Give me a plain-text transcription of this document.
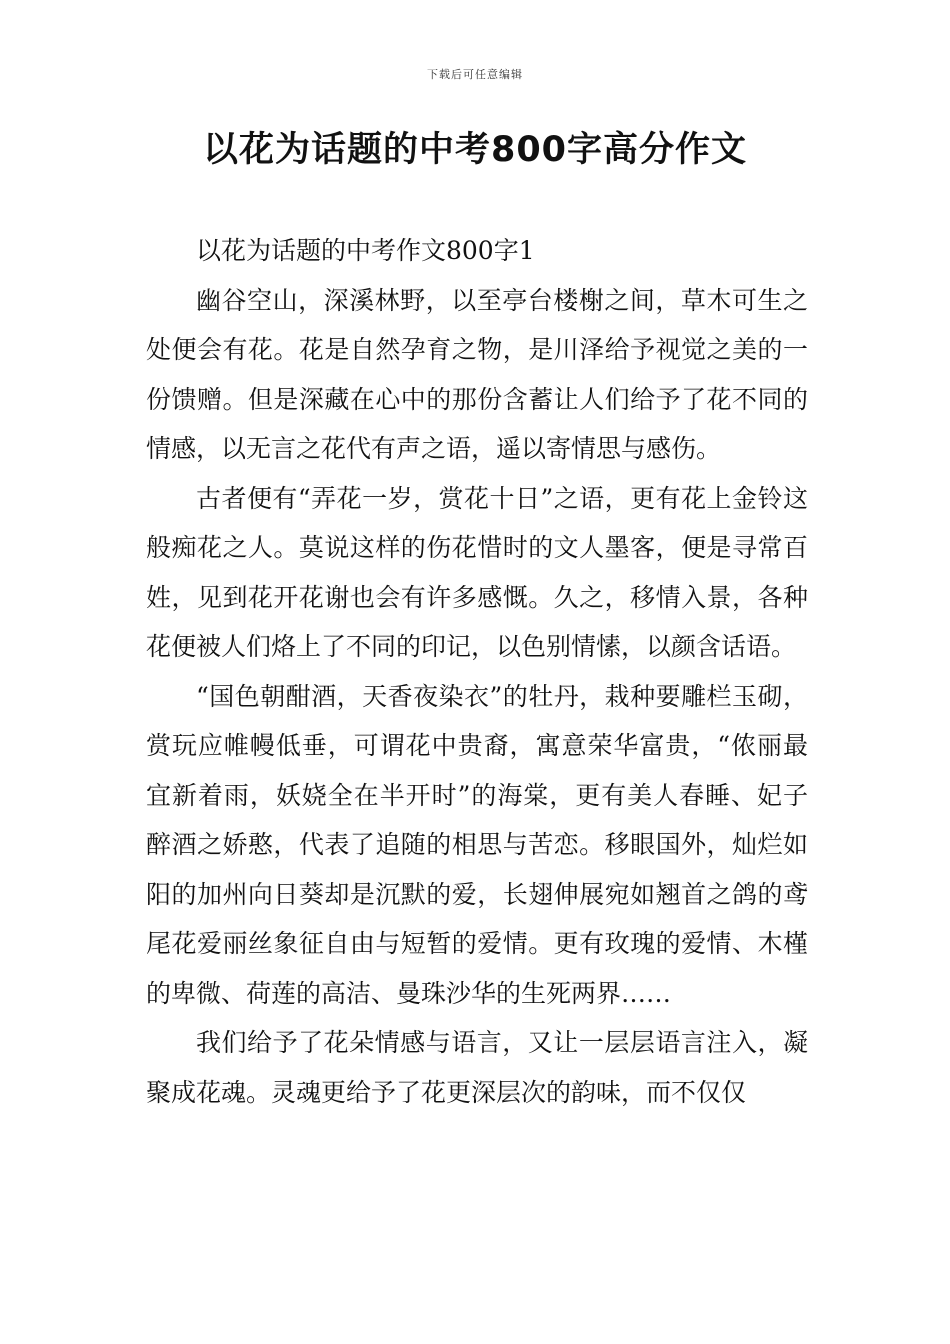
下载后可任意编辑
以花为话题的中考800字高分作文

以花为话题的中考作文800字1

幽谷空山，深溪林野，以至亭台楼榭之间，草木可生之处便会有花。花是自然孕育之物，是川泽给予视觉之美的一份馈赠。但是深藏在心中的那份含蓄让人们给予了花不同的情感，以无言之花代有声之语，遥以寄情思与感伤。

古者便有“弄花一岁，赏花十日”之语，更有花上金铃这般痴花之人。莫说这样的伤花惜时的文人墨客，便是寻常百姓，见到花开花谢也会有许多感慨。久之，移情入景，各种花便被人们烙上了不同的印记，以色别情愫，以颜含话语。

“国色朝酣酒，天香夜染衣”的牡丹，栽种要雕栏玉砌，赏玩应帷幔低垂，可谓花中贵裔，寓意荣华富贵，“侬丽最宜新着雨，妖娆全在半开时”的海棠，更有美人春睡、妃子醉酒之娇憨，代表了追随的相思与苦恋。移眼国外，灿烂如阳的加州向日葵却是沉默的爱，长翅伸展宛如翘首之鸽的鸢尾花爱丽丝象征自由与短暂的爱情。更有玫瑰的爱情、木槿的卑微、荷莲的高洁、曼珠沙华的生死两界……

我们给予了花朵情感与语言，又让一层层语言注入，凝聚成花魂。灵魂更给予了花更深层次的韵味，而不仅仅
